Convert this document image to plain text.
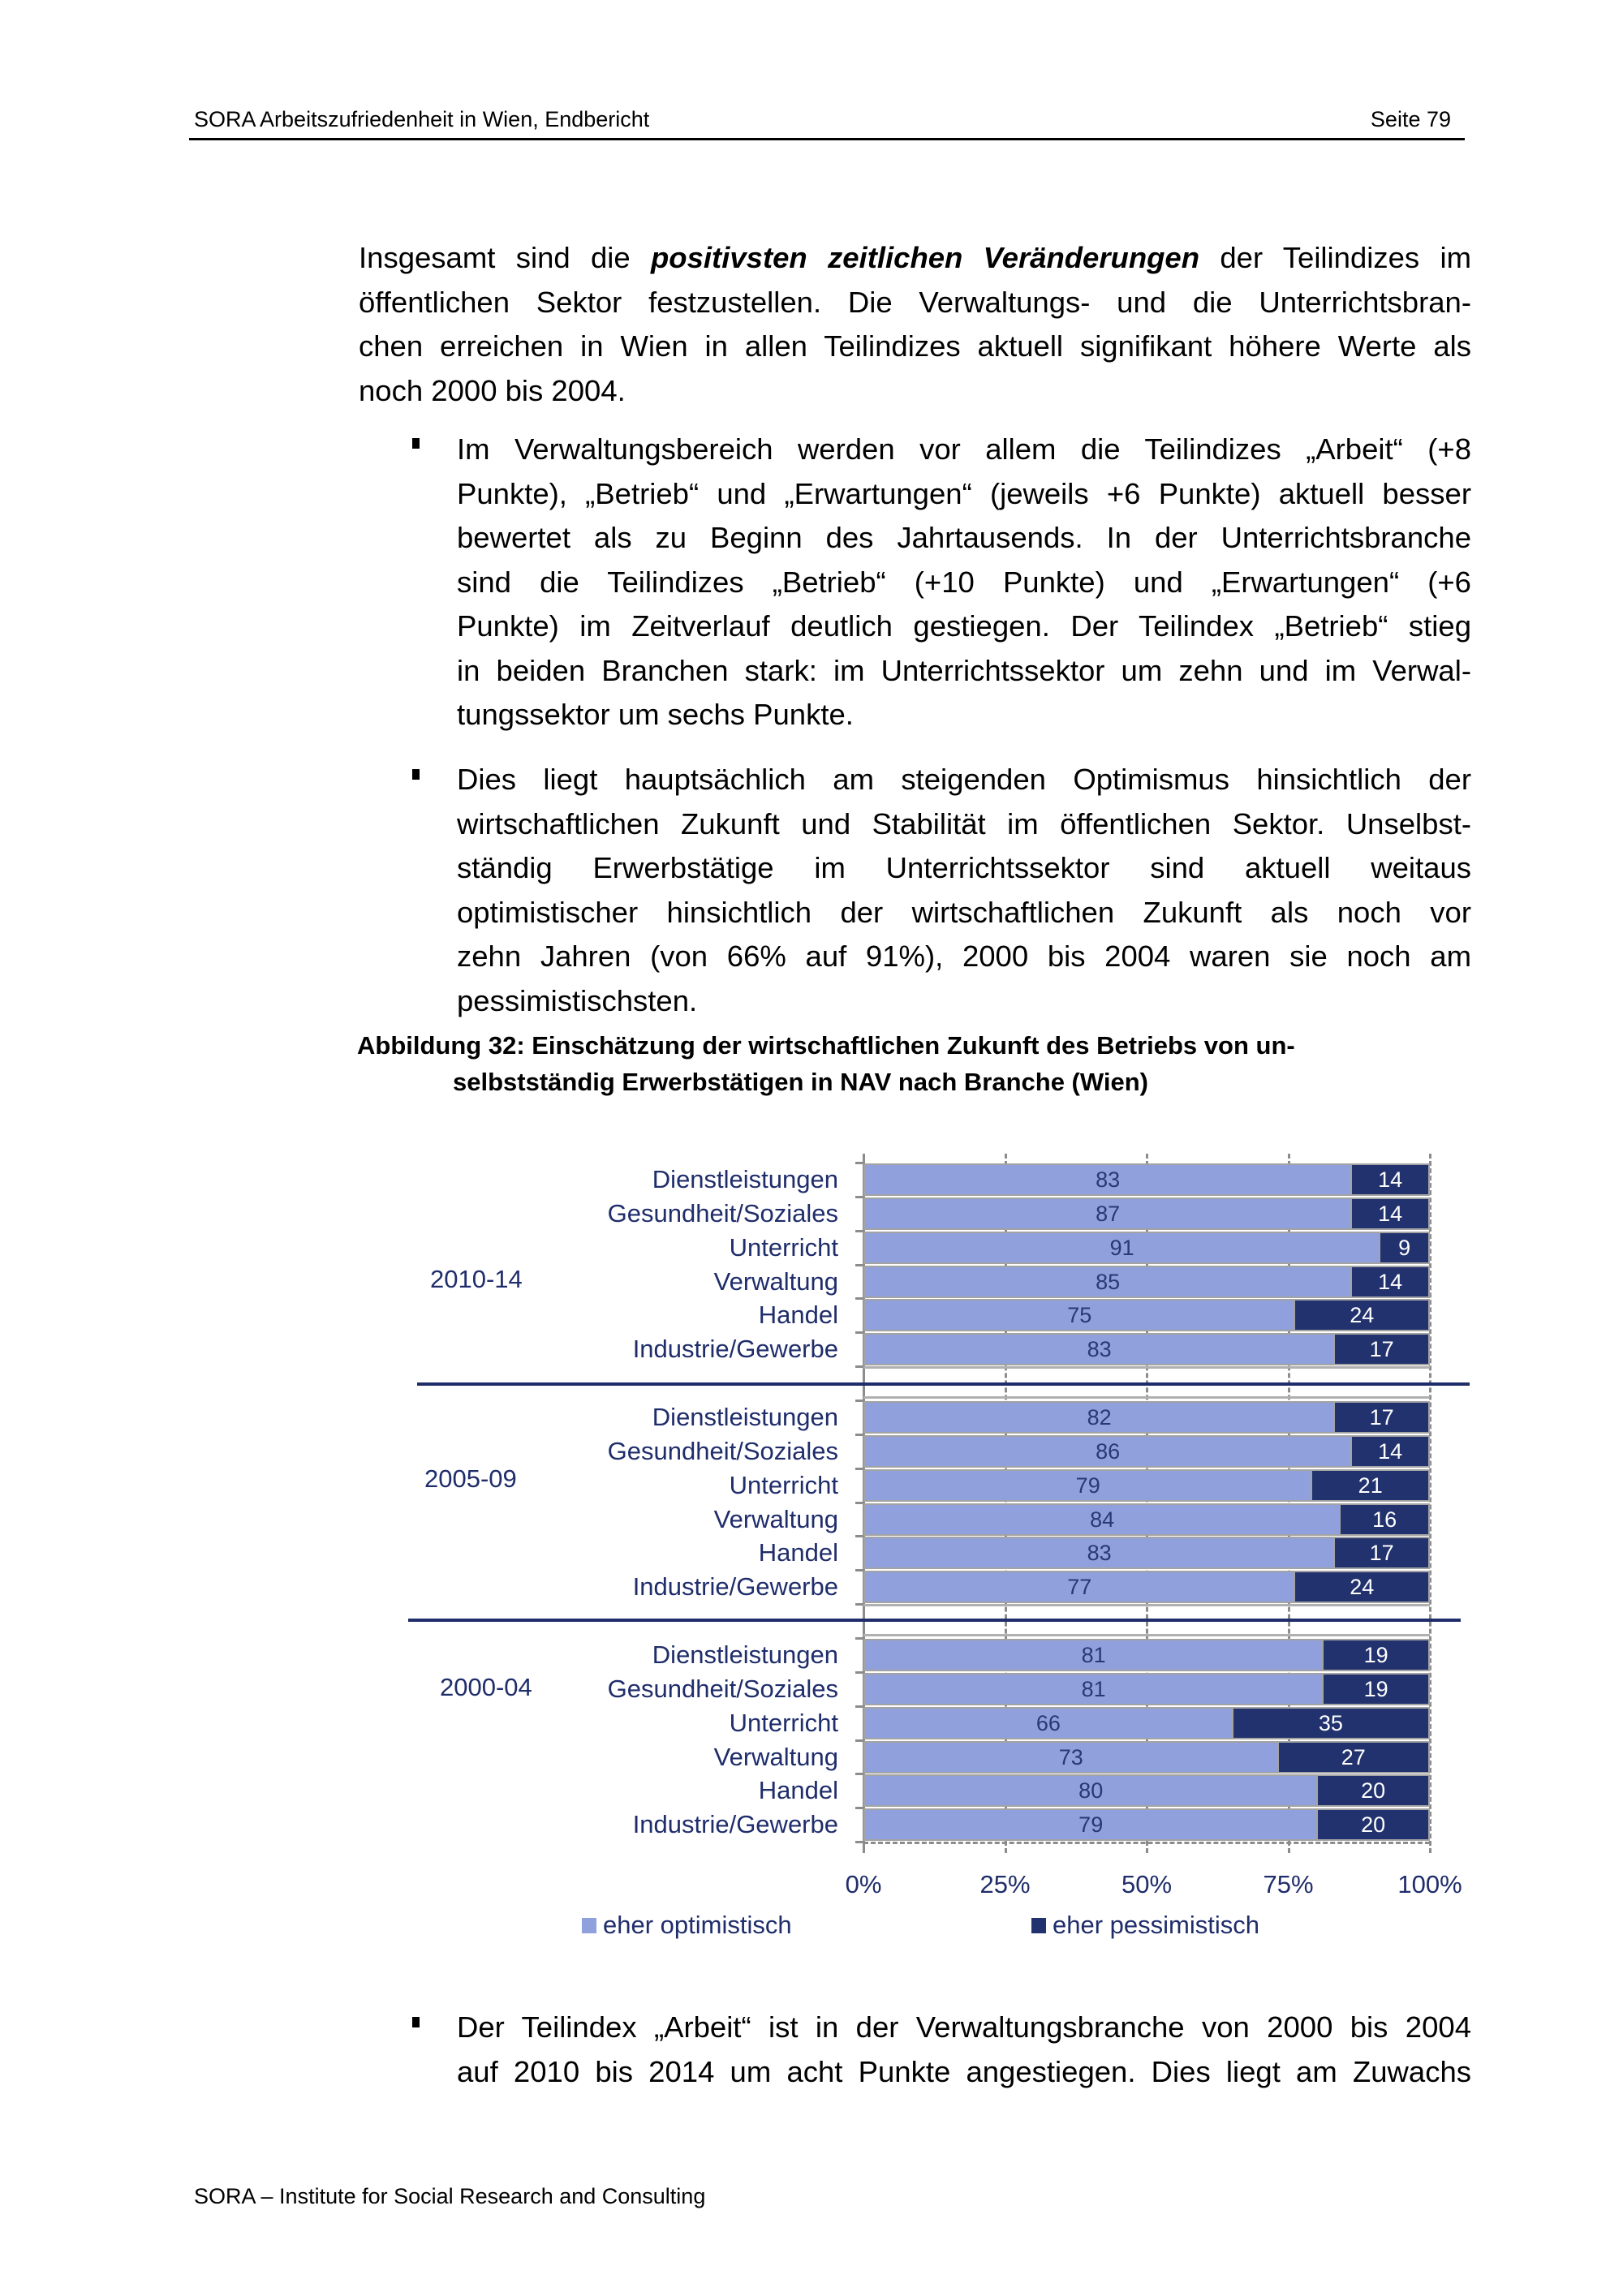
SORA Arbeitszufriedenheit in Wien, Endbericht	Seite 79
Insgesamt sind die positivsten zeitlichen Veränderungen der Teilindizes im
öffentlichen Sektor festzustellen. Die Verwaltungs- und die Unterrichtsbran-
chen erreichen in Wien in allen Teilindizes aktuell signifikant höhere Werte als
noch 2000 bis 2004.
Im Verwaltungsbereich werden vor allem die Teilindizes „Arbeit“ (+8
Punkte), „Betrieb“ und „Erwartungen“ (jeweils +6 Punkte) aktuell besser
bewertet als zu Beginn des Jahrtausends. In der Unterrichtsbranche
sind die Teilindizes „Betrieb“ (+10 Punkte) und „Erwartungen“ (+6
Punkte) im Zeitverlauf deutlich gestiegen. Der Teilindex „Betrieb“ stieg
in beiden Branchen stark: im Unterrichtssektor um zehn und im Verwal-
tungssektor um sechs Punkte.
Dies liegt hauptsächlich am steigenden Optimismus hinsichtlich der
wirtschaftlichen Zukunft und Stabilität im öffentlichen Sektor. Unselbst-
ständig Erwerbstätige im Unterrichtssektor sind aktuell weitaus
optimistischer hinsichtlich der wirtschaftlichen Zukunft als noch vor
zehn Jahren (von 66% auf 91%), 2000 bis 2004 waren sie noch am
pessimistischsten.
Abbildung 32: Einschätzung der wirtschaftlichen Zukunft des Betriebs von un-
selbstständig Erwerbstätigen in NAV nach Branche (Wien)
2010-14
Dienstleistungen	83	14
Gesundheit/Soziales	87	14
Unterricht	91	9
Verwaltung	85	14
Handel	75	24
Industrie/Gewerbe	83	17
2005-09
Dienstleistungen	82	17
Gesundheit/Soziales	86	14
Unterricht	79	21
Verwaltung	84	16
Handel	83	17
Industrie/Gewerbe	77	24
2000-04
Dienstleistungen	81	19
Gesundheit/Soziales	81	19
Unterricht	66	35
Verwaltung	73	27
Handel	80	20
Industrie/Gewerbe	79	20
0%	25%	50%	75%	100%
eher optimistisch	eher pessimistisch
Der Teilindex „Arbeit“ ist in der Verwaltungsbranche von 2000 bis 2004
auf 2010 bis 2014 um acht Punkte angestiegen. Dies liegt am Zuwachs
SORA – Institute for Social Research and Consulting
